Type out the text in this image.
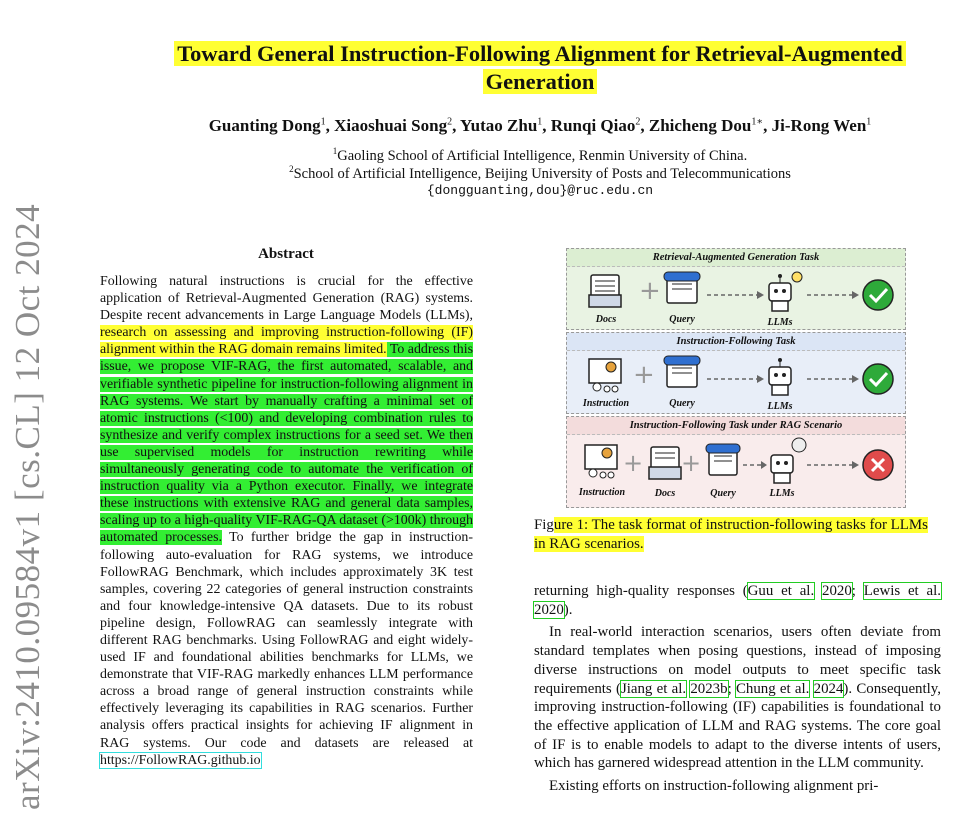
Toward General Instruction-Following Alignment for Retrieval-Augmented
Generation
Guanting Dong$^1$, Xiaoshuai Song$^2$, Yutao Zhu$^1$, Runqi Qiao$^2$, Zhicheng Dou$^{1∗}$, Ji-Rong Wen$^1$
$^1$Gaoling School of Artificial Intelligence, Renmin University of China.
$^2$School of Artificial Intelligence, Beijing University of Posts and Telecommunications
{dongguanting,dou}@ruc.edu.cn
arXiv:2410.09584v1 [cs.CL] 12 Oct 2024	Abstract
Following natural instructions is crucial for the effective application of Retrieval-Augmented Generation (RAG) systems. Despite recent advancements in Large Language Models (LLMs), research on assessing and improving instruction-following (IF) alignment within the RAG domain remains limited. To address this issue, we propose VIF-RAG, the first automated, scalable, and verifiable synthetic pipeline for instruction-following alignment in RAG systems. We start by manually crafting a minimal set of atomic instructions (<100) and developing combination rules to synthesize and verify complex instructions for a seed set. We then use supervised models for instruction rewriting while simultaneously generating code to automate the verification of instruction quality via a Python executor. Finally, we integrate these instructions with extensive RAG and general data samples, scaling up to a high-quality VIF-RAG-QA dataset (>100k) through automated processes. To further bridge the gap in instruction-following auto-evaluation for RAG systems, we introduce FollowRAG Benchmark, which includes approximately 3K test samples, covering 22 categories of general instruction constraints and four knowledge-intensive QA datasets. Due to its robust pipeline design, FollowRAG can seamlessly integrate with different RAG benchmarks. Using FollowRAG and eight widely-used IF and foundational abilities benchmarks for LLMs, we demonstrate that VIF-RAG markedly enhances LLM performance across a broad range of general instruction constraints while effectively leveraging its capabilities in RAG scenarios. Further analysis offers practical insights for achieving IF alignment in RAG systems. Our code and datasets are released at https://FollowRAG.github.io
Retrieval-Augmented Generation Task
+
Docs	Query	LLMs
Instruction-Following Task
+
Instruction	Query	LLMs
Instruction-Following Task under RAG Scenario
+ +
Instruction	Docs	Query	LLMs
Figure 1: The task format of instruction-following tasks for LLMs in RAG scenarios.

returning high-quality responses (Guu et al. 2020; Lewis et al. 2020).

In real-world interaction scenarios, users often deviate from standard templates when posing questions, instead of imposing diverse instructions on model outputs to meet specific task requirements (Jiang et al. 2023b; Chung et al. 2024). Consequently, improving instruction-following (IF) capabilities is foundational to the effective application of LLM and RAG systems. The core goal of IF is to enable models to adapt to the diverse intents of users, which has garnered widespread attention in the LLM community.

Existing efforts on instruction-following alignment pri-
